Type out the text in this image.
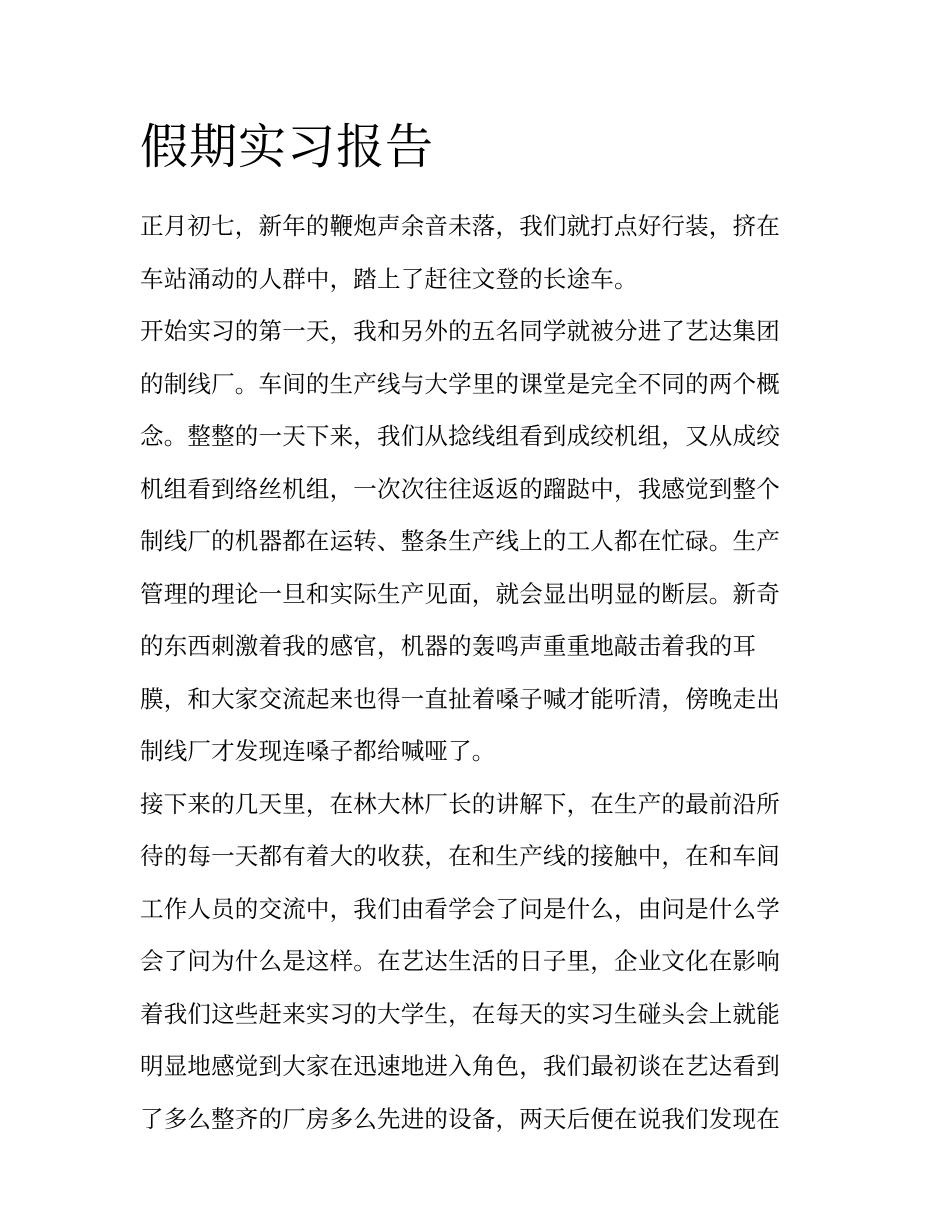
假期实习报告
正月初七，新年的鞭炮声余音未落，我们就打点好行装，挤在
车站涌动的人群中，踏上了赶往文登的长途车。
开始实习的第一天，我和另外的五名同学就被分进了艺达集团
的制线厂。车间的生产线与大学里的课堂是完全不同的两个概
念。整整的一天下来，我们从捻线组看到成绞机组，又从成绞
机组看到络丝机组，一次次往往返返的蹓跶中，我感觉到整个
制线厂的机器都在运转、整条生产线上的工人都在忙碌。生产
管理的理论一旦和实际生产见面，就会显出明显的断层。新奇
的东西刺激着我的感官，机器的轰鸣声重重地敲击着我的耳
膜，和大家交流起来也得一直扯着嗓子喊才能听清，傍晚走出
制线厂才发现连嗓子都给喊哑了。
接下来的几天里，在林大林厂长的讲解下，在生产的最前沿所
待的每一天都有着大的收获，在和生产线的接触中，在和车间
工作人员的交流中，我们由看学会了问是什么，由问是什么学
会了问为什么是这样。在艺达生活的日子里，企业文化在影响
着我们这些赶来实习的大学生，在每天的实习生碰头会上就能
明显地感觉到大家在迅速地进入角色，我们最初谈在艺达看到
了多么整齐的厂房多么先进的设备，两天后便在说我们发现在
